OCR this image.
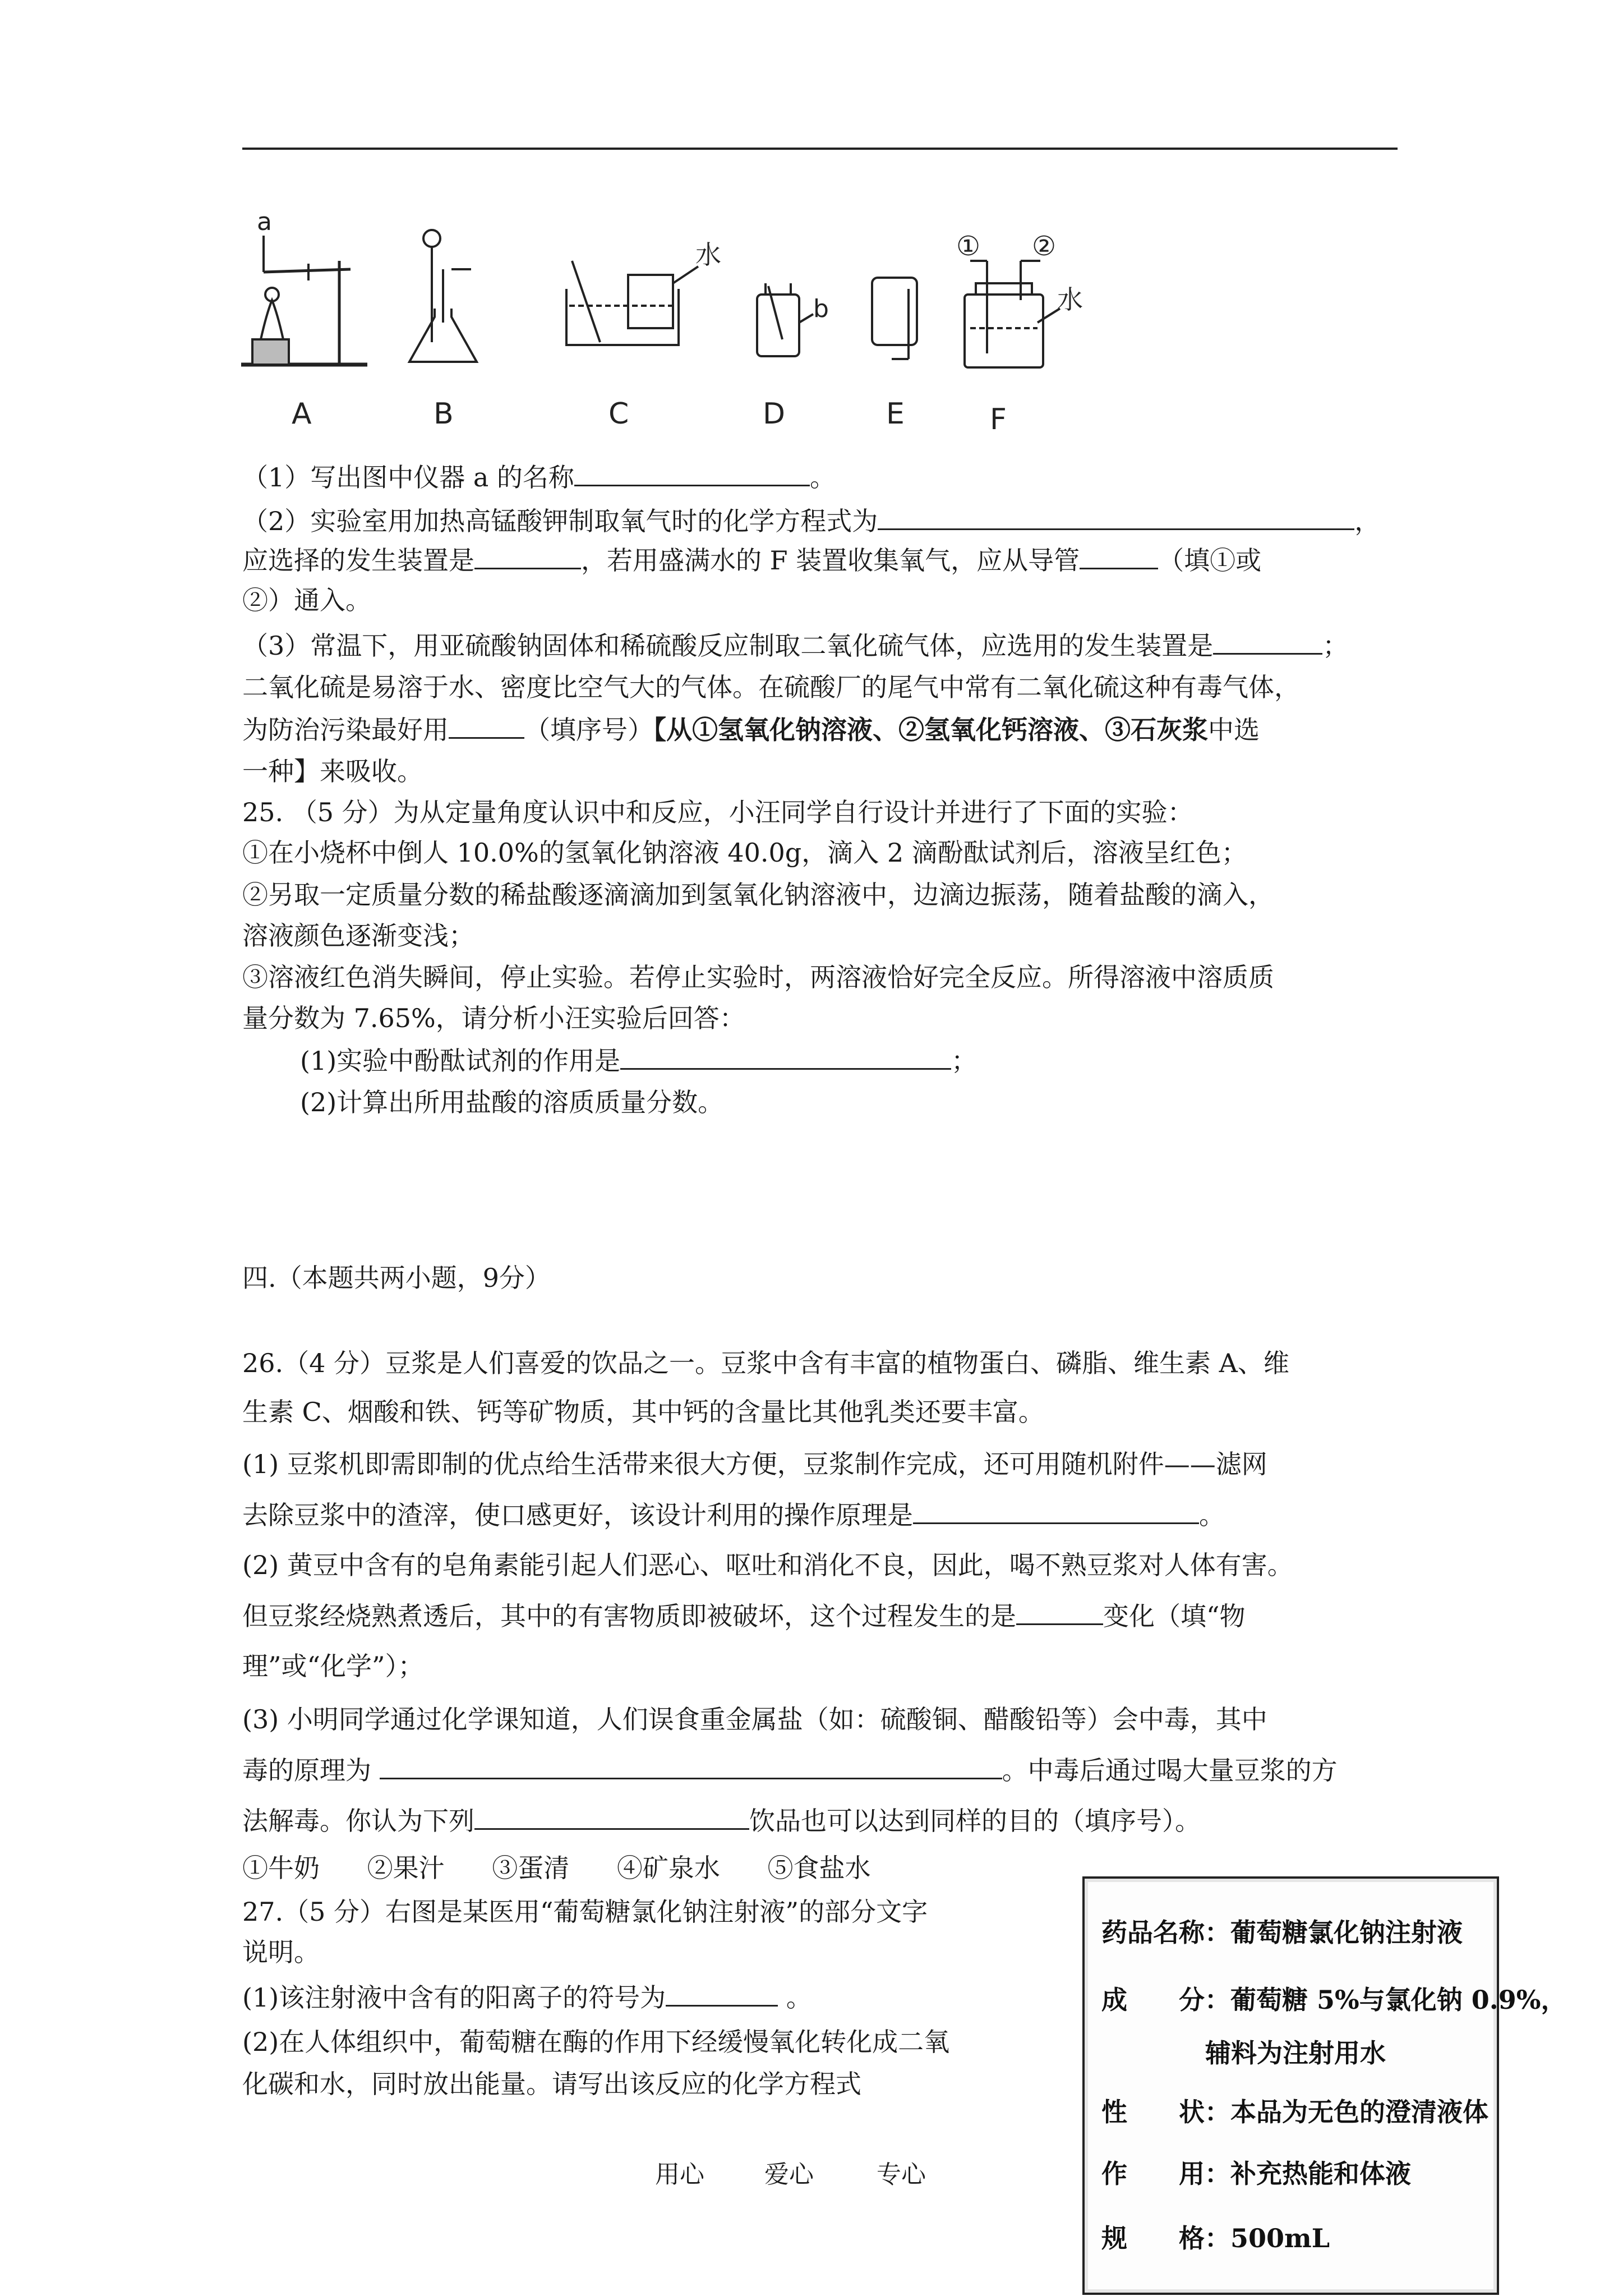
a
A	B
水
C
b
D	E
① ②
水
F
（1）写出图中仪器 a 的名称	。
（2）实验室用加热高锰酸钾制取氧气时的化学方程式为	，
应选择的发生装置是	，若用盛满水的 F 装置收集氧气，应从导管	（填①或
②）通入。
（3）常温下，用亚硫酸钠固体和稀硫酸反应制取二氧化硫气体，应选用的发生装置是	；
二氧化硫是易溶于水、密度比空气大的气体。在硫酸厂的尾气中常有二氧化硫这种有毒气体，
为防治污染最好用	（填序号）【从①氢氧化钠溶液、②氢氧化钙溶液、③石灰浆中选
一种】来吸收。
25. （5 分）为从定量角度认识中和反应，小汪同学自行设计并进行了下面的实验：
①在小烧杯中倒人 10.0%的氢氧化钠溶液 40.0g，滴入 2 滴酚酞试剂后，溶液呈红色；
②另取一定质量分数的稀盐酸逐滴滴加到氢氧化钠溶液中，边滴边振荡，随着盐酸的滴入，
溶液颜色逐渐变浅；
③溶液红色消失瞬间，停止实验。若停止实验时，两溶液恰好完全反应。所得溶液中溶质质
量分数为 7.65%，请分析小汪实验后回答：
(1)实验中酚酞试剂的作用是	；
(2)计算出所用盐酸的溶质质量分数。
四.（本题共两小题，9分）
26.（4 分）豆浆是人们喜爱的饮品之一。豆浆中含有丰富的植物蛋白、磷脂、维生素 A、维
生素 C、烟酸和铁、钙等矿物质，其中钙的含量比其他乳类还要丰富。
(1) 豆浆机即需即制的优点给生活带来很大方便，豆浆制作完成，还可用随机附件——滤网
去除豆浆中的渣滓，使口感更好，该设计利用的操作原理是	。
(2) 黄豆中含有的皂角素能引起人们恶心、呕吐和消化不良，因此，喝不熟豆浆对人体有害。
但豆浆经烧熟煮透后，其中的有害物质即被破坏，这个过程发生的是	变化（填“物
理”或“化学”）；
(3) 小明同学通过化学课知道，人们误食重金属盐（如：硫酸铜、醋酸铅等）会中毒，其中
毒的原理为	。中毒后通过喝大量豆浆的方
法解毒。你认为下列	饮品也可以达到同样的目的（填序号）。
①牛奶 ②果汁 ③蛋清 ④矿泉水 ⑤食盐水
27.（5 分）右图是某医用“葡萄糖氯化钠注射液”的部分文字
说明。
(1)该注射液中含有的阳离子的符号为	。
(2)在人体组织中，葡萄糖在酶的作用下经缓慢氧化转化成二氧
化碳和水，同时放出能量。请写出该反应的化学方程式
药品名称：葡萄糖氯化钠注射液
成　　分：葡萄糖 5%与氯化钠 0.9%，
辅料为注射用水
性　　状：本品为无色的澄清液体
作　　用：补充热能和体液
规　　格：500mL
用心 爱心	专心
